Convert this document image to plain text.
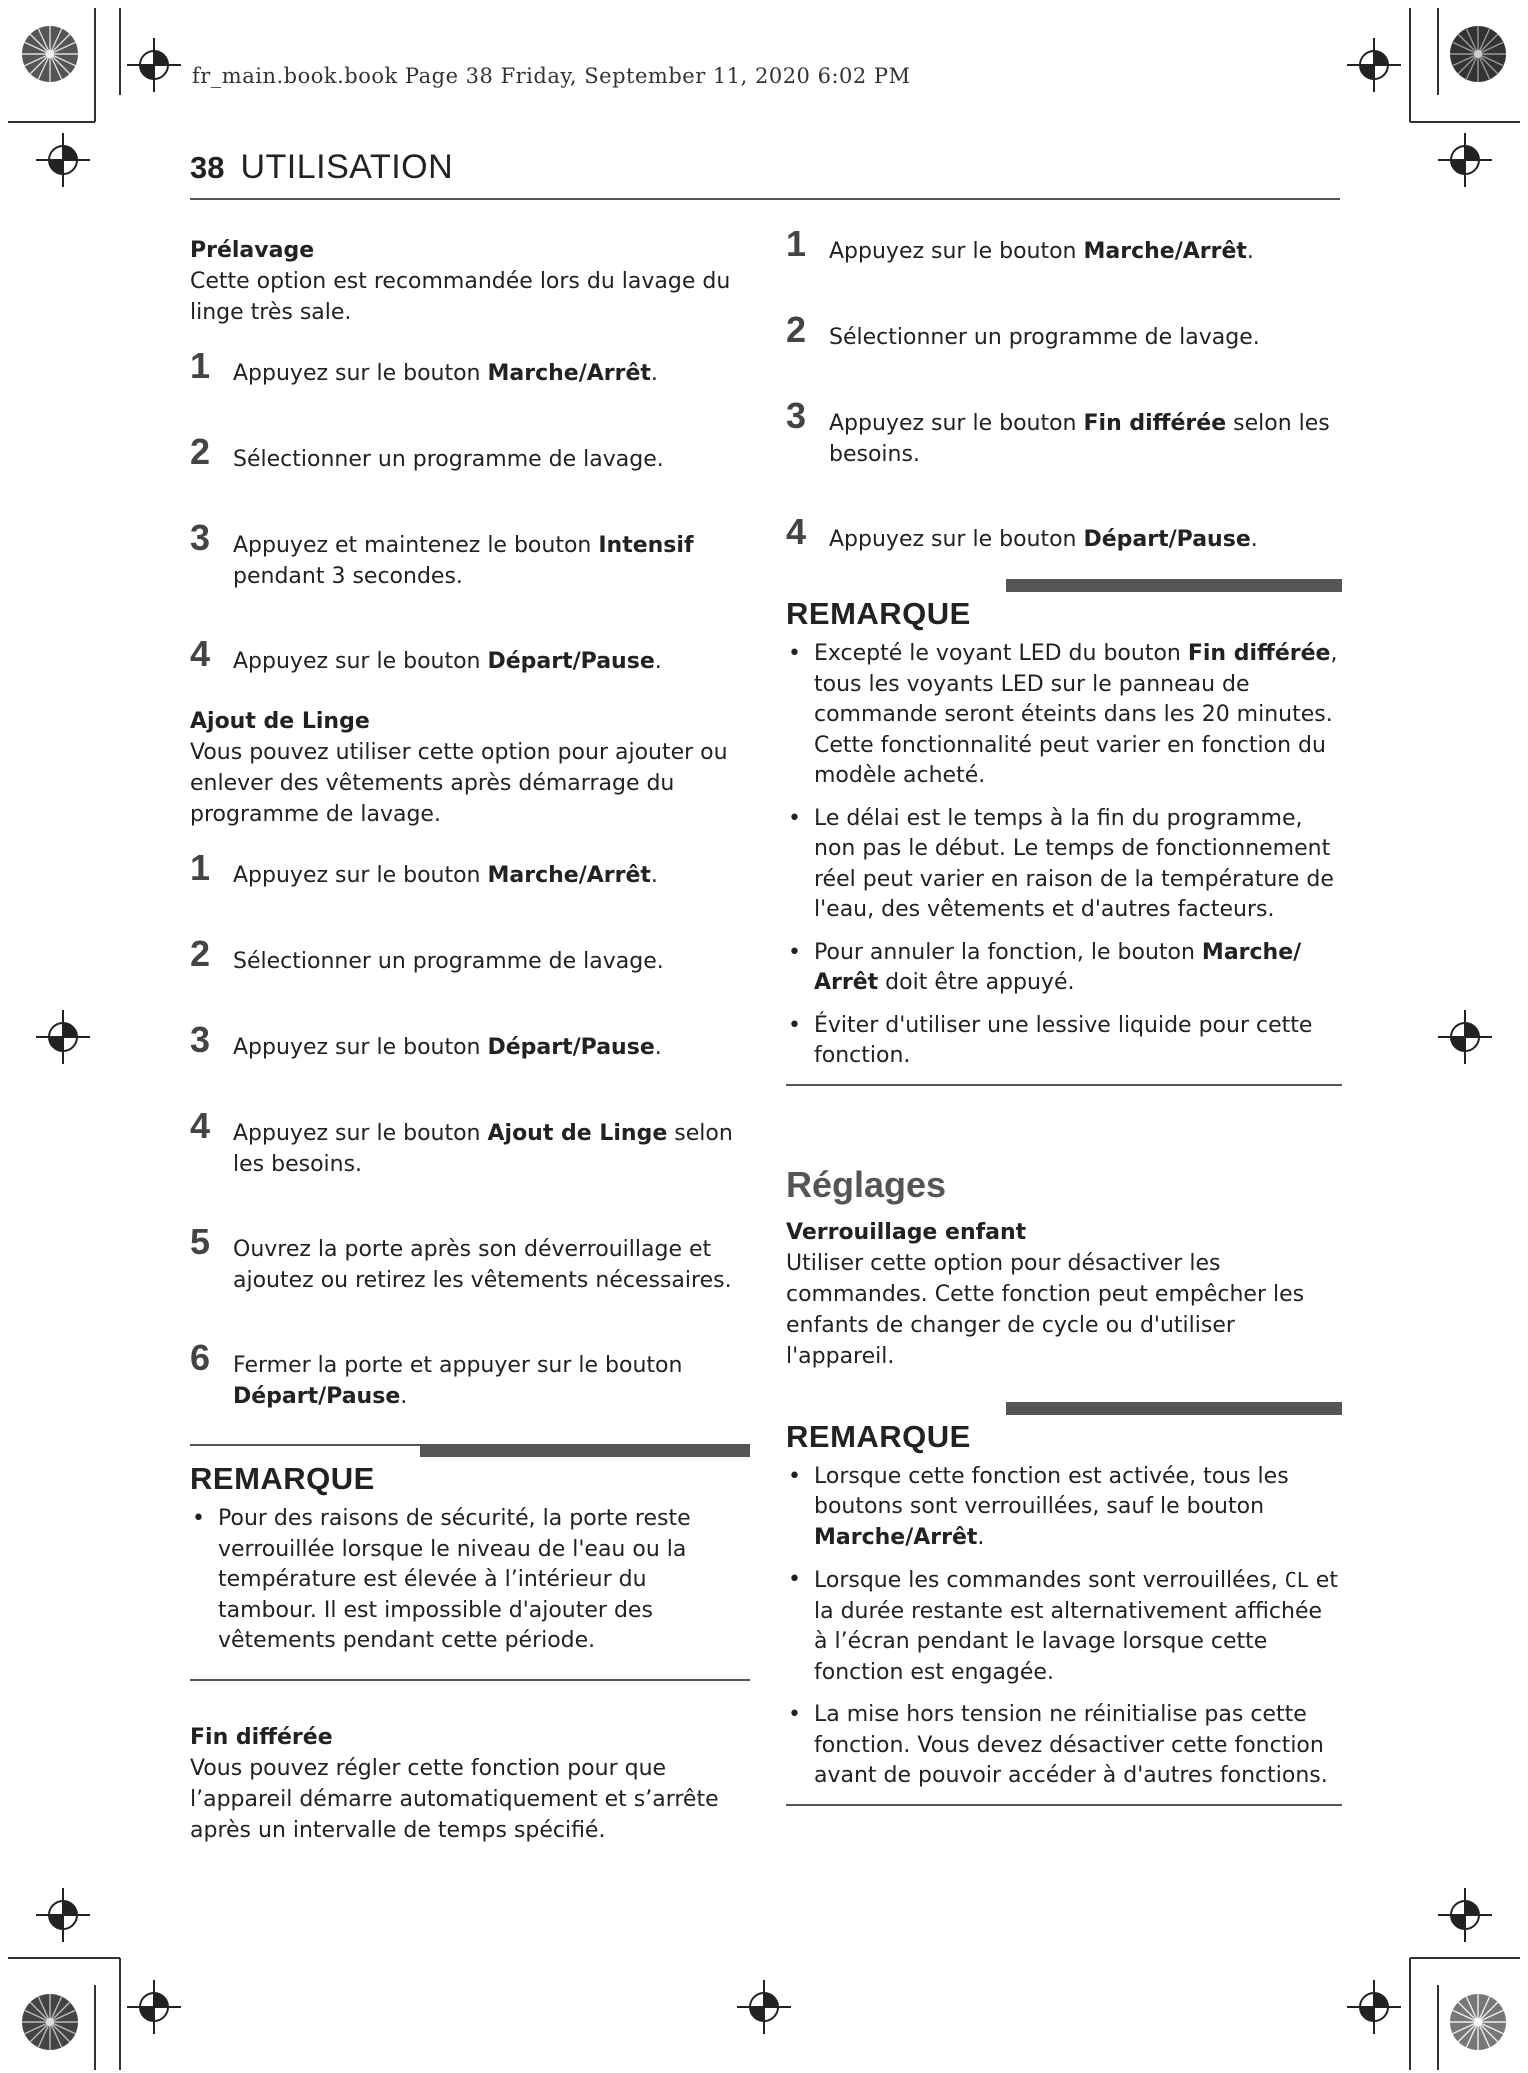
fr_main.book.book Page 38 Friday, September 11, 2020 6:02 PM
38 UTILISATION
Prélavage
Cette option est recommandée lors du lavage du linge très sale.
1 Appuyez sur le bouton Marche/Arrêt.
2 Sélectionner un programme de lavage.
3 Appuyez et maintenez le bouton Intensif pendant 3 secondes.
4 Appuyez sur le bouton Départ/Pause.
Ajout de Linge
Vous pouvez utiliser cette option pour ajouter ou enlever des vêtements après démarrage du programme de lavage.
1 Appuyez sur le bouton Marche/Arrêt.
2 Sélectionner un programme de lavage.
3 Appuyez sur le bouton Départ/Pause.
4 Appuyez sur le bouton Ajout de Linge selon les besoins.
5 Ouvrez la porte après son déverrouillage et ajoutez ou retirez les vêtements nécessaires.
6 Fermer la porte et appuyer sur le bouton Départ/Pause.
REMARQUE
• Pour des raisons de sécurité, la porte reste verrouillée lorsque le niveau de l'eau ou la température est élevée à l’intérieur du tambour. Il est impossible d'ajouter des vêtements pendant cette période.
Fin différée
Vous pouvez régler cette fonction pour que l’appareil démarre automatiquement et s’arrête après un intervalle de temps spécifié.
1 Appuyez sur le bouton Marche/Arrêt.
2 Sélectionner un programme de lavage.
3 Appuyez sur le bouton Fin différée selon les besoins.
4 Appuyez sur le bouton Départ/Pause.
REMARQUE
• Excepté le voyant LED du bouton Fin différée, tous les voyants LED sur le panneau de commande seront éteints dans les 20 minutes. Cette fonctionnalité peut varier en fonction du modèle acheté.
• Le délai est le temps à la fin du programme, non pas le début. Le temps de fonctionnement réel peut varier en raison de la température de l'eau, des vêtements et d'autres facteurs.
• Pour annuler la fonction, le bouton Marche/ Arrêt doit être appuyé.
• Éviter d'utiliser une lessive liquide pour cette fonction.
Réglages
Verrouillage enfant
Utiliser cette option pour désactiver les commandes. Cette fonction peut empêcher les enfants de changer de cycle ou d'utiliser l'appareil.
REMARQUE
• Lorsque cette fonction est activée, tous les boutons sont verrouillées, sauf le bouton Marche/Arrêt.
• Lorsque les commandes sont verrouillées, CL et la durée restante est alternativement affichée à l’écran pendant le lavage lorsque cette fonction est engagée.
• La mise hors tension ne réinitialise pas cette fonction. Vous devez désactiver cette fonction avant de pouvoir accéder à d'autres fonctions.
